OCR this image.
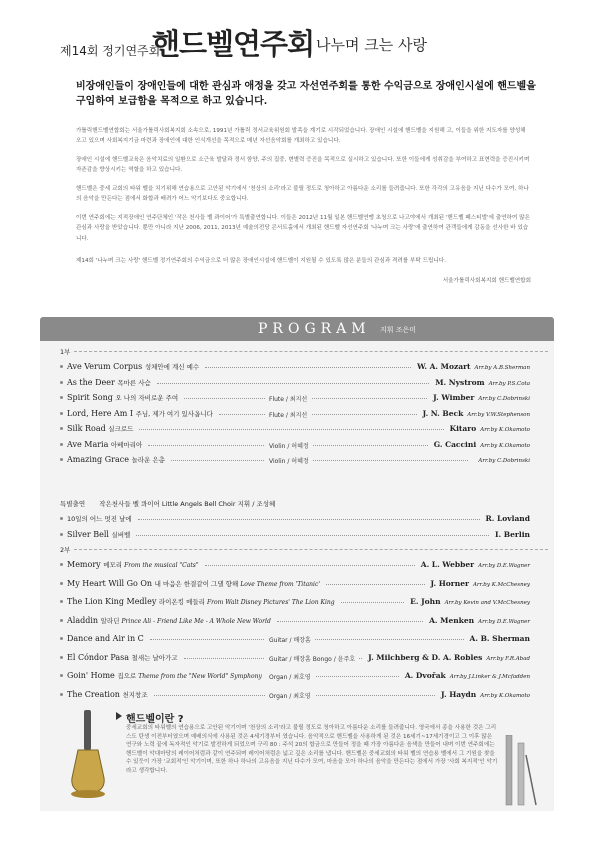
제14회 정기연주회
핸드벨연주회 나누며 크는 사랑
비장애인들이 장애인들에 대한 관심과 애정을 갖고 자선연주회를 통한 수익금으로 장애인시설에 핸드벨을 구입하여 보급함을 목적으로 하고 있습니다.
가톨릭핸드벨연합회는 서울가톨릭사회복지회 소속으로, 1991년 가톨릭 정서교육위원회 발족을 계기로 시작되었습니다. 장애인 시설에 핸드벨을 지원해 고, 이들을 위한 지도자를 양성해 오고 있으며 사회복지기금 마련과 장애인에 대한 인식개선을 목적으로 매년 자선음악회를 개최하고 있습니다.
장애인 시설에 핸드벨교육은 음악치료의 일환으로 소근육 발달과 정서 함양, 주의 집중, 변별력 증진을 목적으로 실시하고 있습니다. 또한 이들에게 성취감을 부여하고 표현력을 증진시키며 자존감을 향상시키는 역할을 하고 있습니다.
핸드벨은 중세 교회의 타워 벨을 치기위해 연습용으로 고안된 악기에서 '천상의 소리'라고 불릴 정도로 청아하고 아름다운 소리를 들려줍니다. 또한 각각의 고유음을 지닌 다수가 모여, 하나의 음악을 만든다는 점에서 화합과 배려가 어느 악기보다도 중요합니다.
이번 연주회에는 지적장애인 연주단체인 '작은 천사들 벨 콰이어'가 특별출연합니다. 이들은 2012년 11월 일본 핸드벨연맹 초청으로 나고야에서 개최된 '핸드벨 페스티벌'에 출연하여 많은 관심과 사랑을 받았습니다. 뿐만 아니라 지난 2006, 2011, 2013년 예술의전당 콘서트홀에서 개최된 핸드벨 자선연주회 '나누며 크는 사랑'에 출연하여 관객들에게 감동을 선사한 바 있습니다.
제14회 '나누며 크는 사랑' 핸드벨 정기연주회의 수익금으로 더 많은 장애인시설에 핸드벨이 지원될 수 있도록 많은 분들의 관심과 격려를 부탁 드립니다.
서울가톨릭사회복지회 핸드벨연합회
PROGRAM 지휘 조은미
1부
Ave Verum Corpus 성체안에 계신 예수	W. A. Mozart Arr.by A.B.Sherman
As the Deer 목마른 사슴	M. Nystrom Arr.by P.S.Cota
Spirit Song 오 나의 자비로운 주여	Flute / 최지선	J. Wimber Arr.by C.Dobrinski
Lord, Here Am I 주님, 제가 여기 있사옵니다	Flute / 최지선	J. N. Beck Arr.by V.W.Stephenson
Silk Road 실크로드	Kitaro Arr.by K.Okamoto
Ave Maria 아베마리아	Violin / 허혜정	G. Caccini Arr.by K.Okamoto
Amazing Grace 놀라운 은총	Violin / 허혜정	Arr.by C.Dobrinski
특별출연 작은천사들 벨 콰이어 Little Angels Bell Choir 지휘 / 조성혜
10일의 어느 멋진 날에	R. Lovland
Silver Bell 실버벨	I. Berlin
2부
Memory 메모리 From the musical "Cats"	A. L. Webber Arr.by D.E.Wagner
My Heart Will Go On 내 마음은 한결같이 그댈 향해 Love Theme from 'Titanic'	J. Horner Arr.by K.McChesney
The Lion King Medley 라이온킹 메들리 From Walt Disney Pictures' The Lion King	E. John Arr.by Kevin and V.McChesney
Aladdin 알라딘 Prince Ali - Friend Like Me - A Whole New World	A. Menken Arr.by D.E.Wagner
Dance and Air in C	Guitar / 배장흠	A. B. Sherman
El Cóndor Pasa 철새는 날아가고	Guitar / 배장흠 Bongo / 윤주호	J. Milchberg & D. A. Robles Arr.by F.R.Abad
Goin' Home 집으로 Theme from the "New World" Symphony	Organ / 최호영	A. Dvořak Arr.by J.Linker & J.Mcfadden
The Creation 천지창조	Organ / 최호영	J. Haydn Arr.by K.Okamoto
핸드벨이란 ?
중세교회의 타워벨의 연습용으로 고안된 악기이며 '천상의 소리'라고 불릴 정도로 청아하고 아름다운 소리를 들려줍니다. 영국에서 종을 사용한 것은 그리스도 탄생 이전부터였으며 예배의식에 사용된 것은 4세기경부터 였습니다. 음악적으로 핸드벨을 사용하게 된 것은 16세기~17세기경이고 그 이후 많은 연구와 노력 끝에 독자적인 악기로 발전하게 되었으며 구리 80 : 주석 20의 합금으로 만들어 정을 때 가장 아름다운 음색을 만들어 내며 이번 연주회에는 핸드벨이 악대마당의 레이어처럼과 같이 연주되며 레이어처럼은 넓고 깊은 소리를 냅니다. 핸드벨은 중세교회의 타워 벨의 연습용 벨에서 그 기원을 찾을 수 있듯이 가장 '교회적'인 악기이며, 또한 하나 하나의 고유음을 지닌 다수가 모여, 마음을 모아 하나의 음악을 만든다는 점에서 가장 '사회 복지적'인 악기라고 생각합니다.
